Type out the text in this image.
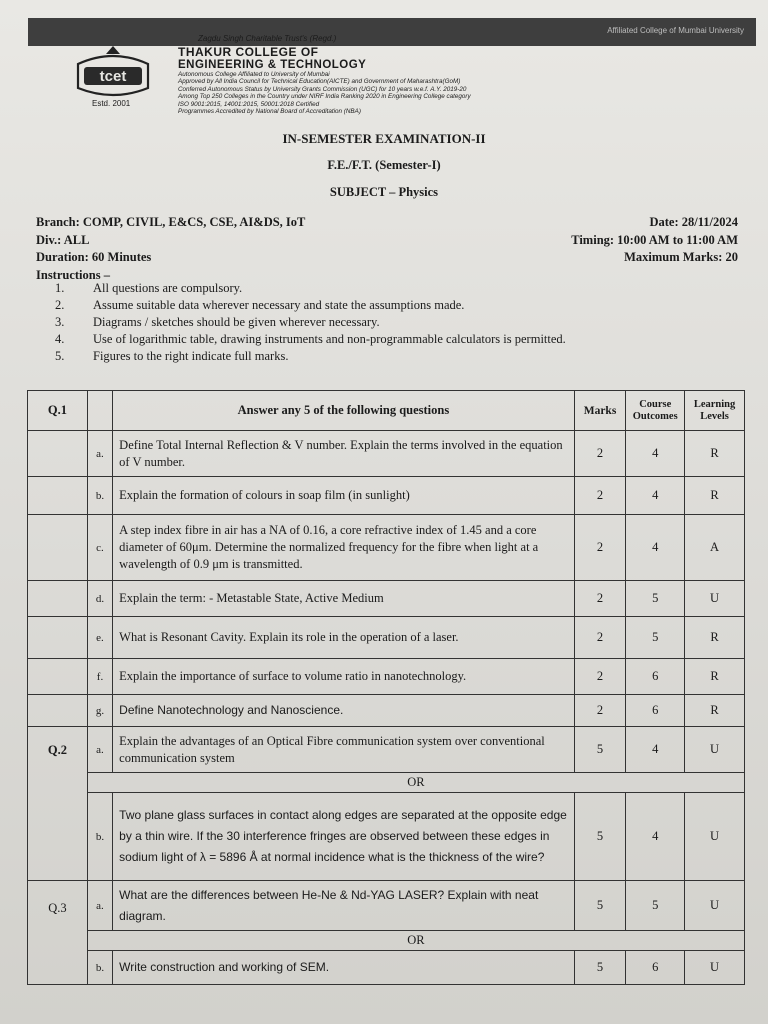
Affiliated College of Mumbai University
tcet
Estd. 2001
Zagdu Singh Charitable Trust's (Regd.)
THAKUR COLLEGE OF
ENGINEERING & TECHNOLOGY
Autonomous College Affiliated to University of Mumbai
Approved by All India Council for Technical Education(AICTE) and Government of Maharashtra(GoM)
Conferred Autonomous Status by University Grants Commission (UGC) for 10 years w.e.f. A.Y. 2019-20
Among Top 250 Colleges in the Country under NIRF India Ranking 2020 in Engineering College category
ISO 9001:2015, 14001:2015, 50001:2018 Certified
Programmes Accredited by National Board of Accreditation (NBA)
IN-SEMESTER EXAMINATION-II
F.E./F.T. (Semester-I)
SUBJECT – Physics
Branch: COMP, CIVIL, E&CS, CSE, AI&DS, IoT
Div.: ALL
Duration: 60 Minutes
Instructions –
Date: 28/11/2024
Timing: 10:00 AM to 11:00 AM
Maximum Marks: 20
1.	All questions are compulsory.
2.	Assume suitable data wherever necessary and state the assumptions made.
3.	Diagrams / sketches should be given wherever necessary.
4.	Use of logarithmic table, drawing instruments and non-programmable calculators is permitted.
5.	Figures to the right indicate full marks.
Q.1		Answer any 5 of the following questions	Marks	Course Outcomes	Learning Levels
	a.	Define Total Internal Reflection & V number. Explain the terms involved in the equation of V number.	2	4	R
	b.	Explain the formation of colours in soap film (in sunlight)	2	4	R
	c.	A step index fibre in air has a NA of 0.16, a core refractive index of 1.45 and a core diameter of 60μm. Determine the normalized frequency for the fibre when light at a wavelength of 0.9 μm is transmitted.	2	4	A
	d.	Explain the term: - Metastable State, Active Medium	2	5	U
	e.	What is Resonant Cavity. Explain its role in the operation of a laser.	2	5	R
	f.	Explain the importance of surface to volume ratio in nanotechnology.	2	6	R
	g.	Define Nanotechnology and Nanoscience.	2	6	R
Q.2	a.	Explain the advantages of an Optical Fibre communication system over conventional communication system	5	4	U
	OR				
	b.	Two plane glass surfaces in contact along edges are separated at the opposite edge by a thin wire. If the 30 interference fringes are observed between these edges in sodium light of λ = 5896 Å at normal incidence what is the thickness of the wire?	5	4	U
Q.3	a.	What are the differences between He-Ne & Nd-YAG LASER? Explain with neat diagram.	5	5	U
	OR				
	b.	Write construction and working of SEM.	5	6	U
